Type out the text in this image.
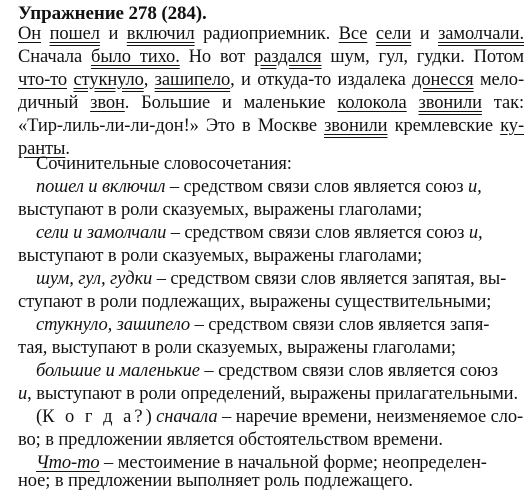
Упражнение 278 (284).
Он пошел и включил радиоприемник. Все сели и замолчали.
Сначала было тихо. Но вот раздался шум, гул, гудки. Потом
что-то стукнуло, зашипело, и откуда-то издалека донесся мело-
дичный звон. Большие и маленькие колокола звонили так:
«Тир-лиль-ли-ли-дон!» Это в Москве звонили кремлевские ку-
ранты.
Сочинительные словосочетания:
пошел и включил – средством связи слов является союз и,
выступают в роли сказуемых, выражены глаголами;
сели и замолчали – средством связи слов является союз и,
выступают в роли сказуемых, выражены глаголами;
шум, гул, гудки – средством связи слов является запятая, вы-
ступают в роли подлежащих, выражены существительными;
стукнуло, зашипело – средством связи слов является запя-
тая, выступают в роли сказуемых, выражены глаголами;
большие и маленькие – средством связи слов является союз
и, выступают в роли определений, выражены прилагательными.
(К о г д а?) сначала – наречие времени, неизменяемое сло-
во; в предложении является обстоятельством времени.
Что-то – местоимение в начальной форме; неопределен-
ное; в предложении выполняет роль подлежащего.
